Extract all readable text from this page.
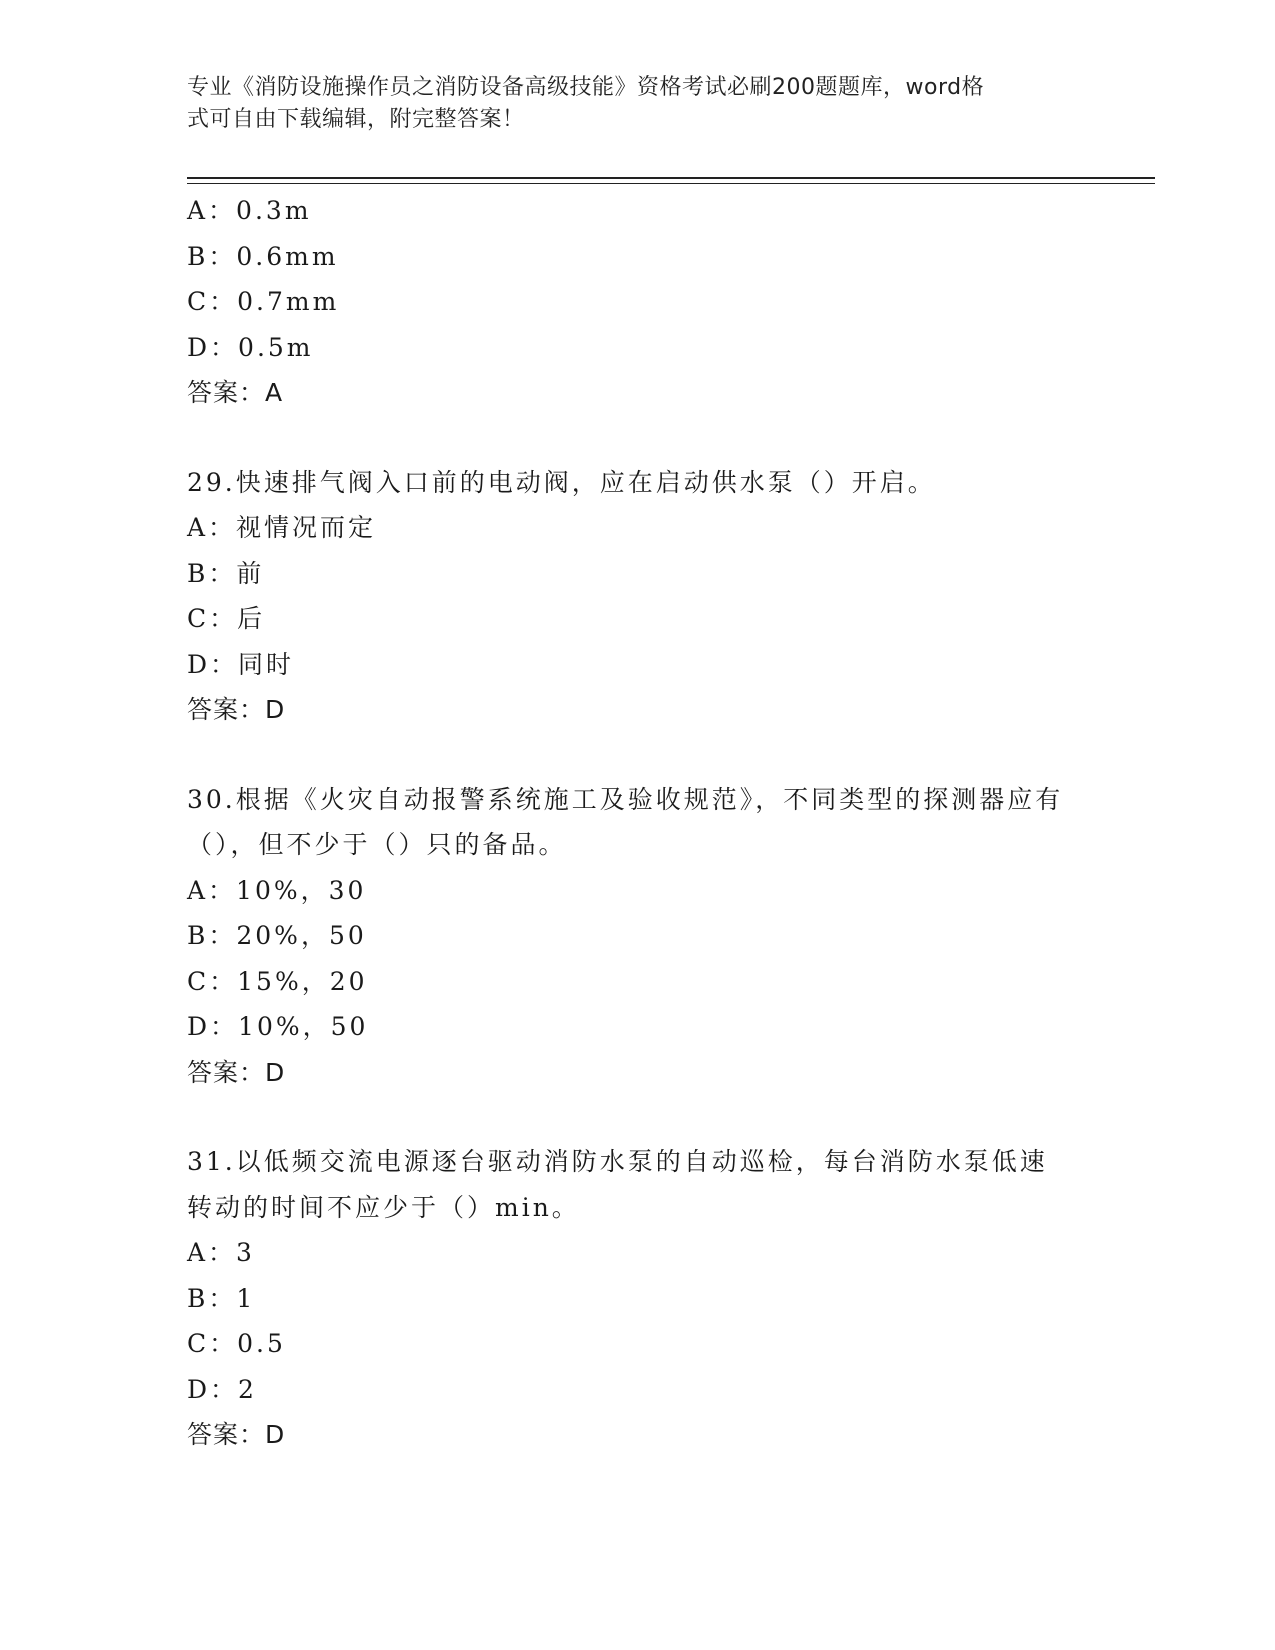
专业《消防设施操作员之消防设备高级技能》资格考试必刷200题题库，word格
式可自由下载编辑，附完整答案！
A：0.3m
B：0.6mm
C：0.7mm
D：0.5m
答案：A
29.快速排气阀入口前的电动阀，应在启动供水泵（）开启。
A：视情况而定
B：前
C：后
D：同时
答案：D
30.根据《火灾自动报警系统施工及验收规范》，不同类型的探测器应有（），但不少于（）只的备品。
A：10%，30
B：20%，50
C：15%，20
D：10%，50
答案：D
31.以低频交流电源逐台驱动消防水泵的自动巡检，每台消防水泵低速转动的时间不应少于（）min。
A：3
B：1
C：0.5
D：2
答案：D
